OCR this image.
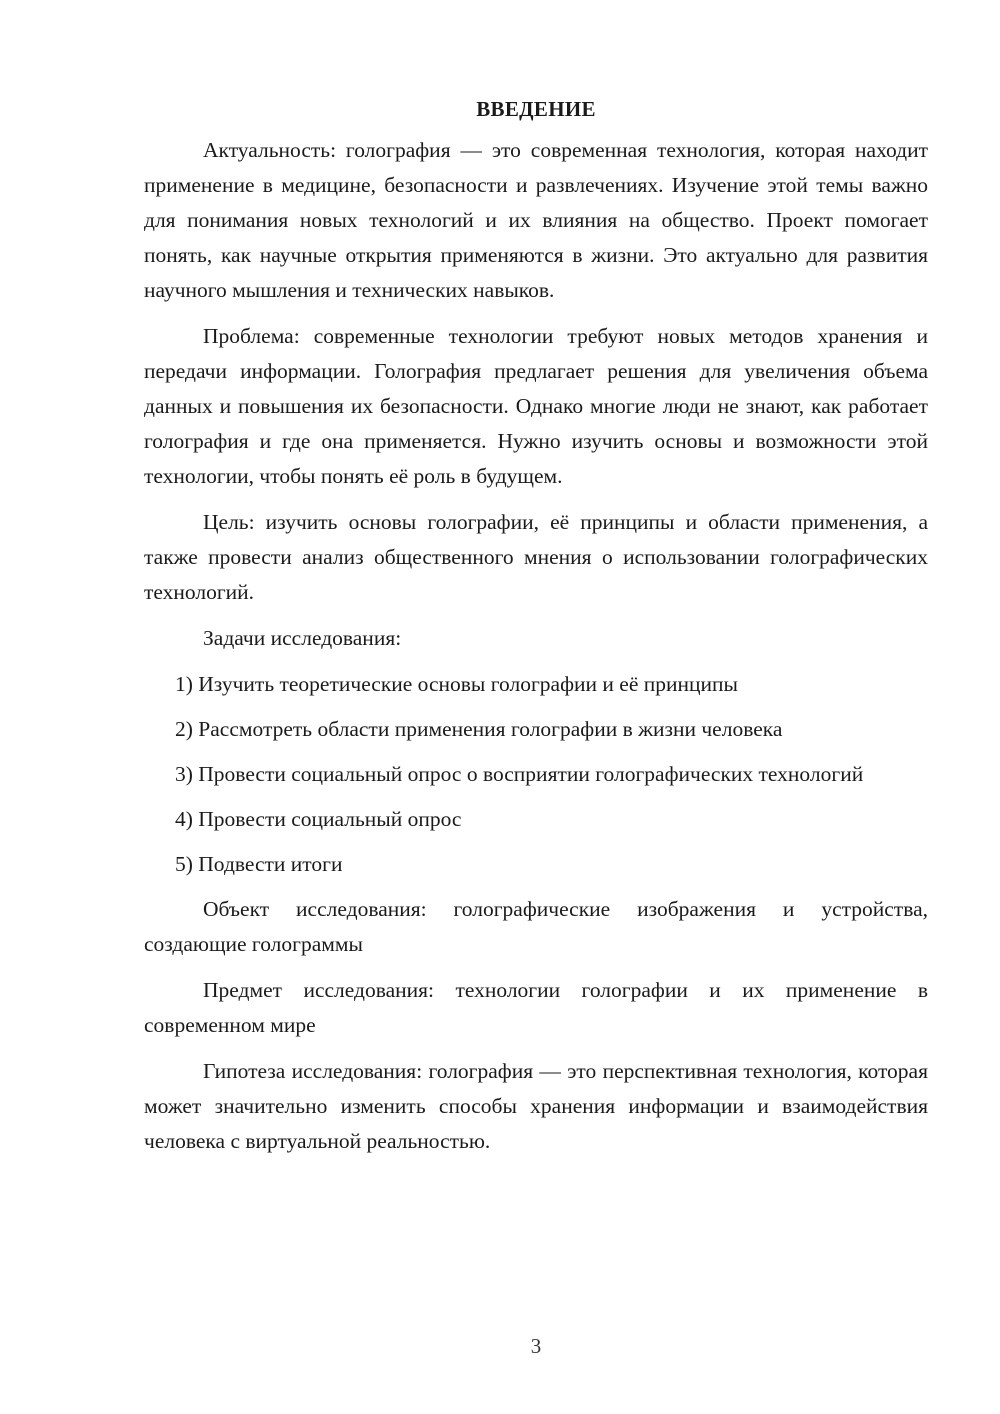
ВВЕДЕНИЕ

Актуальность: голография — это современная технология, которая находит применение в медицине, безопасности и развлечениях. Изучение этой темы важно для понимания новых технологий и их влияния на общество. Проект помогает понять, как научные открытия применяются в жизни. Это актуально для развития научного мышления и технических навыков.

Проблема: современные технологии требуют новых методов хранения и передачи информации. Голография предлагает решения для увеличения объема данных и повышения их безопасности. Однако многие люди не знают, как работает голография и где она применяется. Нужно изучить основы и возможности этой технологии, чтобы понять её роль в будущем.

Цель: изучить основы голографии, её принципы и области применения, а также провести анализ общественного мнения о использовании голографических технологий.

Задачи исследования:

1) Изучить теоретические основы голографии и её принципы

2) Рассмотреть области применения голографии в жизни человека

3) Провести социальный опрос о восприятии голографических технологий

4) Провести социальный опрос

5) Подвести итоги

Объект исследования: голографические изображения и устройства, создающие голограммы

Предмет исследования: технологии голографии и их применение в современном мире

Гипотеза исследования: голография — это перспективная технология, которая может значительно изменить способы хранения информации и взаимодействия человека с виртуальной реальностью.

3
